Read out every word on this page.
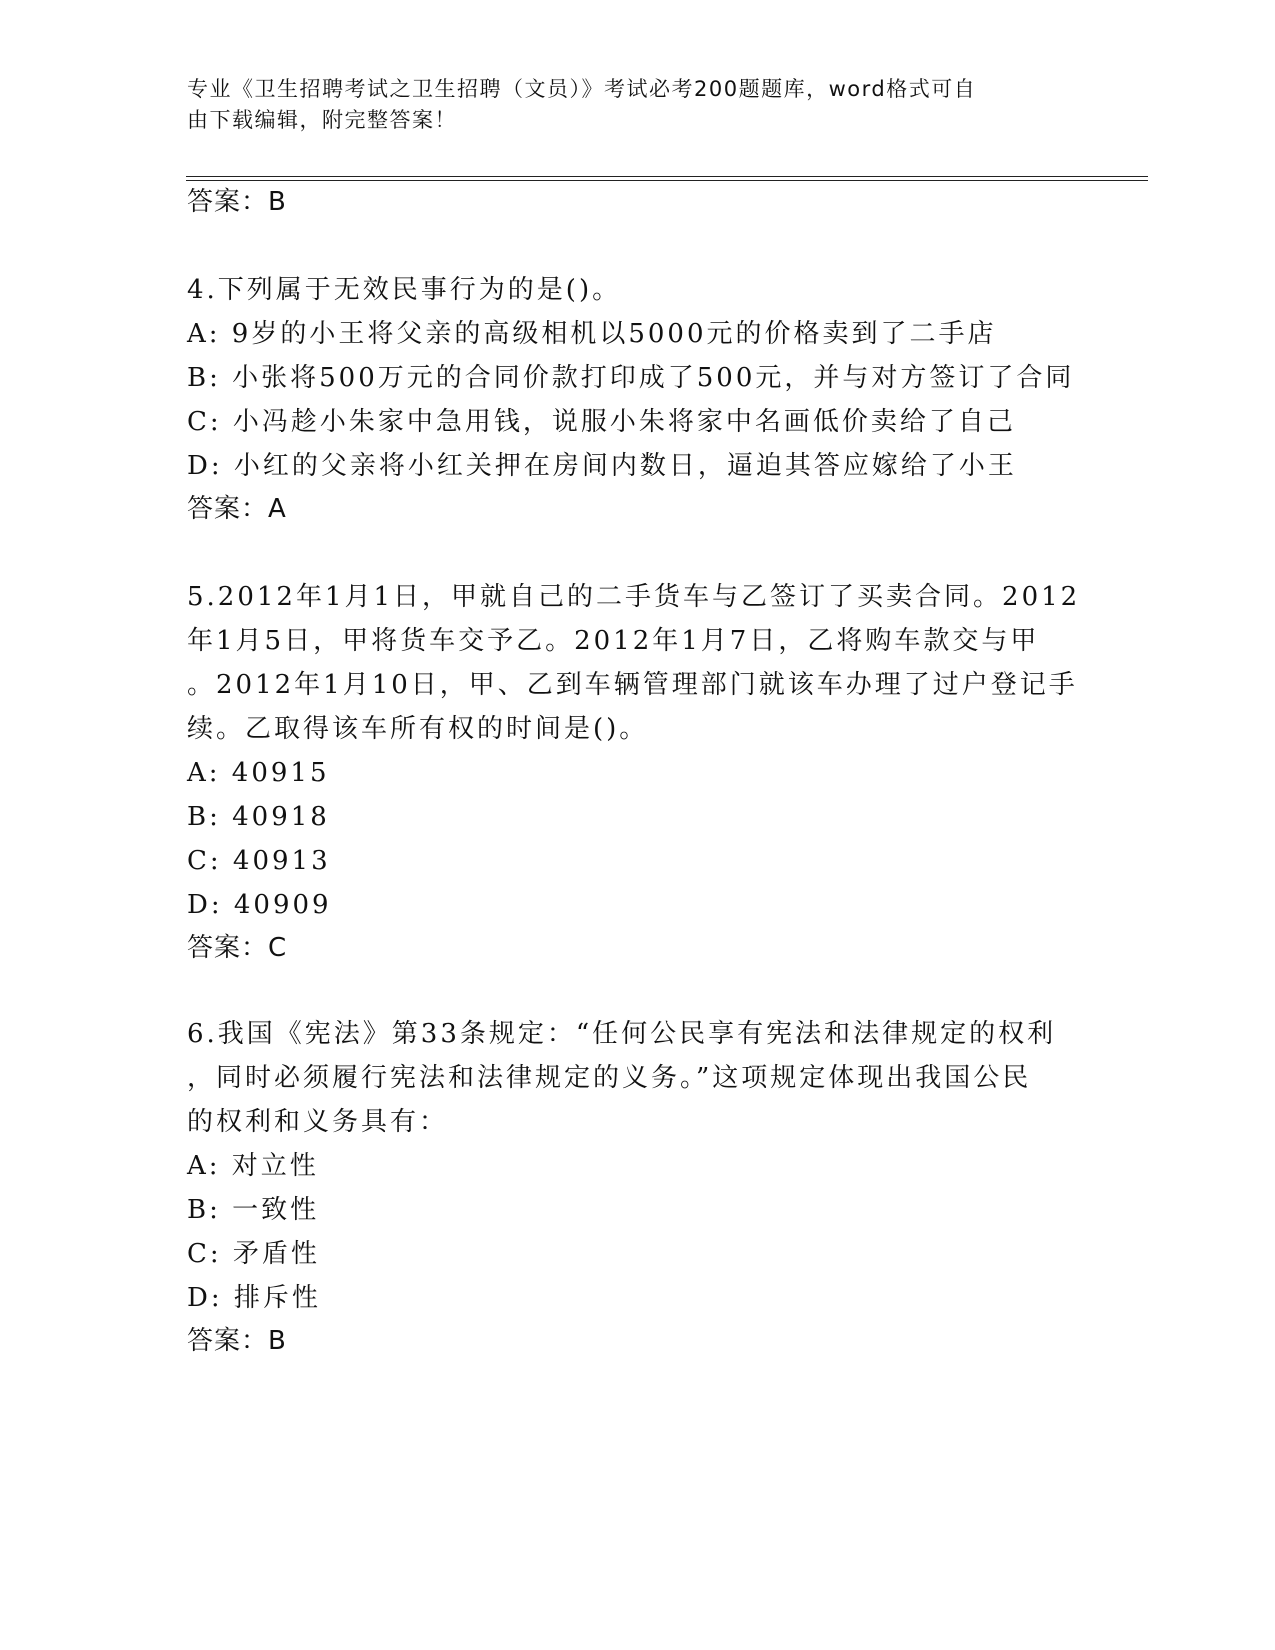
专业《卫生招聘考试之卫生招聘（文员）》考试必考200题题库，word格式可自
由下载编辑，附完整答案！
答案：B
4.下列属于无效民事行为的是()。
A: 9岁的小王将父亲的高级相机以5000元的价格卖到了二手店
B: 小张将500万元的合同价款打印成了500元，并与对方签订了合同
C: 小冯趁小朱家中急用钱，说服小朱将家中名画低价卖给了自己
D: 小红的父亲将小红关押在房间内数日，逼迫其答应嫁给了小王
答案：A
5.2012年1月1日，甲就自己的二手货车与乙签订了买卖合同。2012
年1月5日，甲将货车交予乙。2012年1月7日，乙将购车款交与甲
。2012年1月10日，甲、乙到车辆管理部门就该车办理了过户登记手
续。乙取得该车所有权的时间是()。
A: 40915
B: 40918
C: 40913
D: 40909
答案：C
6.我国《宪法》第33条规定：“任何公民享有宪法和法律规定的权利
，同时必须履行宪法和法律规定的义务。”这项规定体现出我国公民
的权利和义务具有：
A: 对立性
B: 一致性
C: 矛盾性
D: 排斥性
答案：B
